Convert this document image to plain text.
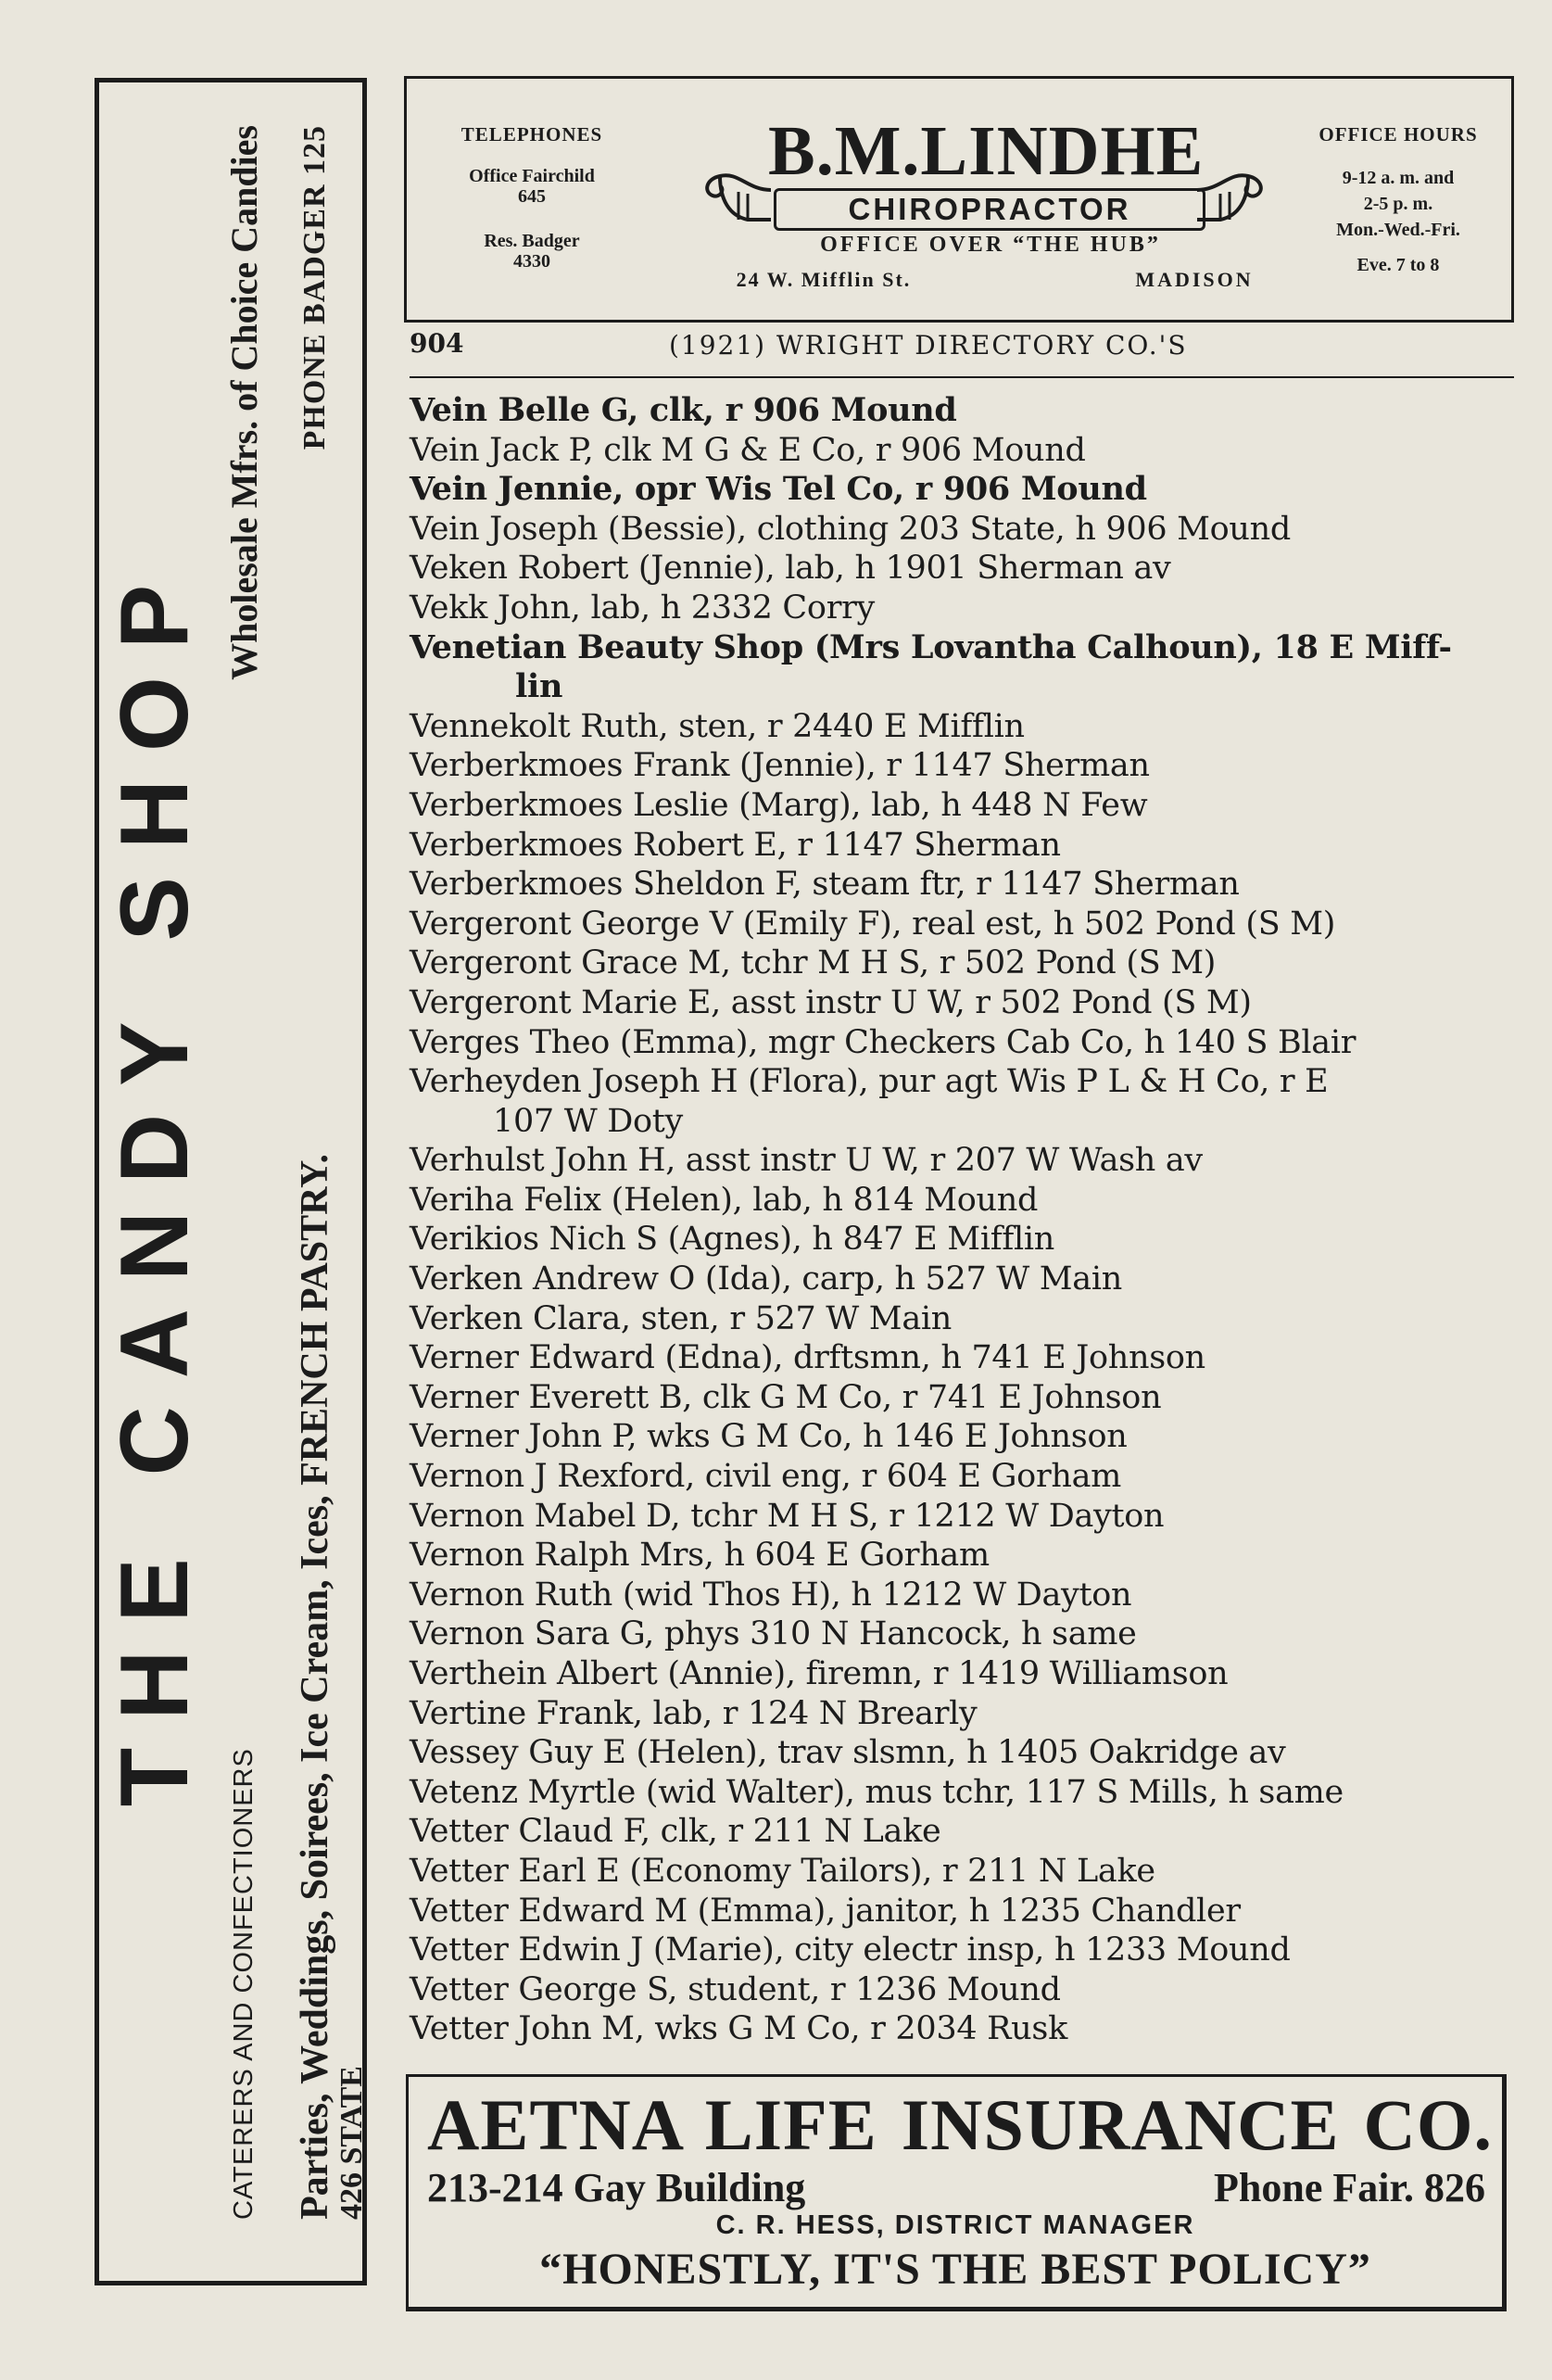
THE CANDY SHOP
CATERERS AND CONFECTIONERS
Wholesale Mfrs. of Choice Candies
Parties, Weddings, Soirees, Ice Cream, Ices, FRENCH PASTRY.
PHONE BADGER 125
426 STATE
TELEPHONES
Office Fairchild
645
Res. Badger
4330
B.M.LINDHE
CHIROPRACTOR
OFFICE OVER “THE HUB”
24 W. Mifflin St.	MADISON
OFFICE HOURS
9-12 a. m. and
2-5 p. m.
Mon.-Wed.-Fri.
Eve. 7 to 8
904	(1921) WRIGHT DIRECTORY CO.'S
Vein Belle G, clk, r 906 Mound
Vein Jack P, clk M G & E Co, r 906 Mound
Vein Jennie, opr Wis Tel Co, r 906 Mound
Vein Joseph (Bessie), clothing 203 State, h 906 Mound
Veken Robert (Jennie), lab, h 1901 Sherman av
Vekk John, lab, h 2332 Corry
Venetian Beauty Shop (Mrs Lovantha Calhoun), 18 E Miff-
lin
Vennekolt Ruth, sten, r 2440 E Mifflin
Verberkmoes Frank (Jennie), r 1147 Sherman
Verberkmoes Leslie (Marg), lab, h 448 N Few
Verberkmoes Robert E, r 1147 Sherman
Verberkmoes Sheldon F, steam ftr, r 1147 Sherman
Vergeront George V (Emily F), real est, h 502 Pond (S M)
Vergeront Grace M, tchr M H S, r 502 Pond (S M)
Vergeront Marie E, asst instr U W, r 502 Pond (S M)
Verges Theo (Emma), mgr Checkers Cab Co, h 140 S Blair
Verheyden Joseph H (Flora), pur agt Wis P L & H Co, r E
107 W Doty
Verhulst John H, asst instr U W, r 207 W Wash av
Veriha Felix (Helen), lab, h 814 Mound
Verikios Nich S (Agnes), h 847 E Mifflin
Verken Andrew O (Ida), carp, h 527 W Main
Verken Clara, sten, r 527 W Main
Verner Edward (Edna), drftsmn, h 741 E Johnson
Verner Everett B, clk G M Co, r 741 E Johnson
Verner John P, wks G M Co, h 146 E Johnson
Vernon J Rexford, civil eng, r 604 E Gorham
Vernon Mabel D, tchr M H S, r 1212 W Dayton
Vernon Ralph Mrs, h 604 E Gorham
Vernon Ruth (wid Thos H), h 1212 W Dayton
Vernon Sara G, phys 310 N Hancock, h same
Verthein Albert (Annie), firemn, r 1419 Williamson
Vertine Frank, lab, r 124 N Brearly
Vessey Guy E (Helen), trav slsmn, h 1405 Oakridge av
Vetenz Myrtle (wid Walter), mus tchr, 117 S Mills, h same
Vetter Claud F, clk, r 211 N Lake
Vetter Earl E (Economy Tailors), r 211 N Lake
Vetter Edward M (Emma), janitor, h 1235 Chandler
Vetter Edwin J (Marie), city electr insp, h 1233 Mound
Vetter George S, student, r 1236 Mound
Vetter John M, wks G M Co, r 2034 Rusk
AETNA LIFE INSURANCE CO.
213-214 Gay Building	Phone Fair. 826
C. R. HESS, DISTRICT MANAGER
“HONESTLY, IT'S THE BEST POLICY”
